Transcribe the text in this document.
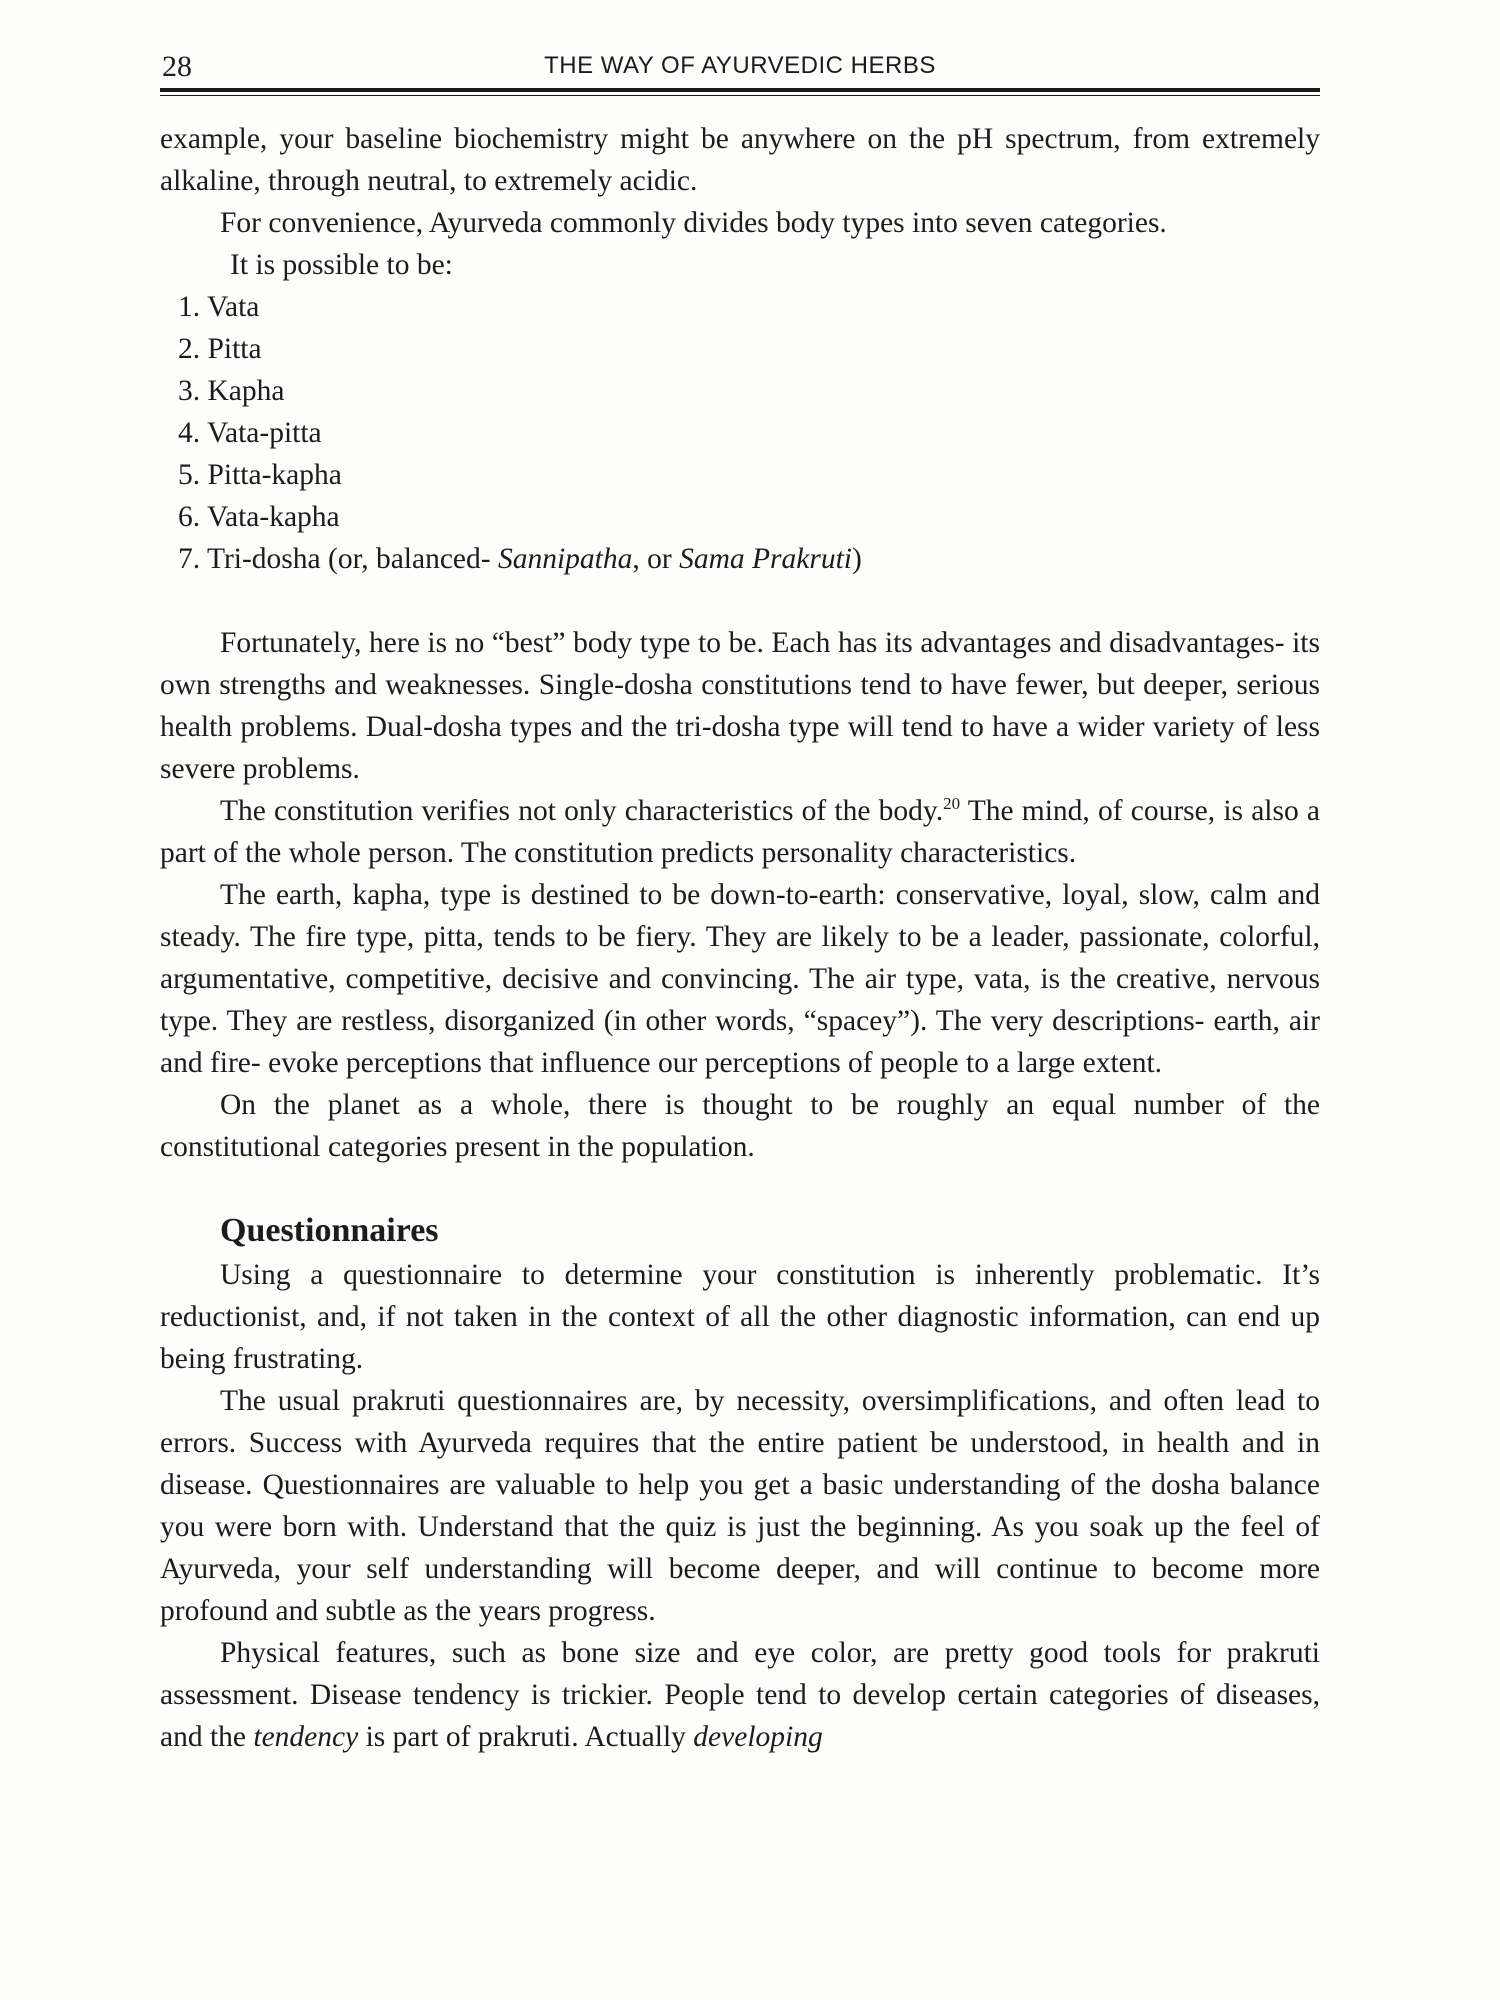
28	THE WAY OF AYURVEDIC HERBS

example, your baseline biochemistry might be anywhere on the pH spectrum, from extremely alkaline, through neutral, to extremely acidic.

For convenience, Ayurveda commonly divides body types into seven categories.

It is possible to be:

1. Vata
2. Pitta
3. Kapha
4. Vata-pitta
5. Pitta-kapha
6. Vata-kapha
7. Tri-dosha (or, balanced- Sannipatha, or Sama Prakruti)

Fortunately, here is no “best” body type to be. Each has its advantages and disadvantages- its own strengths and weaknesses. Single-dosha constitutions tend to have fewer, but deeper, serious health problems. Dual-dosha types and the tri-dosha type will tend to have a wider variety of less severe problems.

The constitution verifies not only characteristics of the body.$^{20}$ The mind, of course, is also a part of the whole person. The constitution predicts personality characteristics.

The earth, kapha, type is destined to be down-to-earth: conservative, loyal, slow, calm and steady. The fire type, pitta, tends to be fiery. They are likely to be a leader, passionate, colorful, argumentative, competitive, decisive and convincing. The air type, vata, is the creative, nervous type. They are restless, disorganized (in other words, “spacey”). The very descriptions- earth, air and fire- evoke perceptions that influence our perceptions of people to a large extent.

On the planet as a whole, there is thought to be roughly an equal number of the constitutional categories present in the population.

Questionnaires

Using a questionnaire to determine your constitution is inherently problematic. It’s reductionist, and, if not taken in the context of all the other diagnostic information, can end up being frustrating.

The usual prakruti questionnaires are, by necessity, oversimplifications, and often lead to errors. Success with Ayurveda requires that the entire patient be understood, in health and in disease. Questionnaires are valuable to help you get a basic understanding of the dosha balance you were born with. Understand that the quiz is just the beginning. As you soak up the feel of Ayurveda, your self understanding will become deeper, and will continue to become more profound and subtle as the years progress.

Physical features, such as bone size and eye color, are pretty good tools for prakruti assessment. Disease tendency is trickier. People tend to develop certain categories of diseases, and the tendency is part of prakruti. Actually developing
